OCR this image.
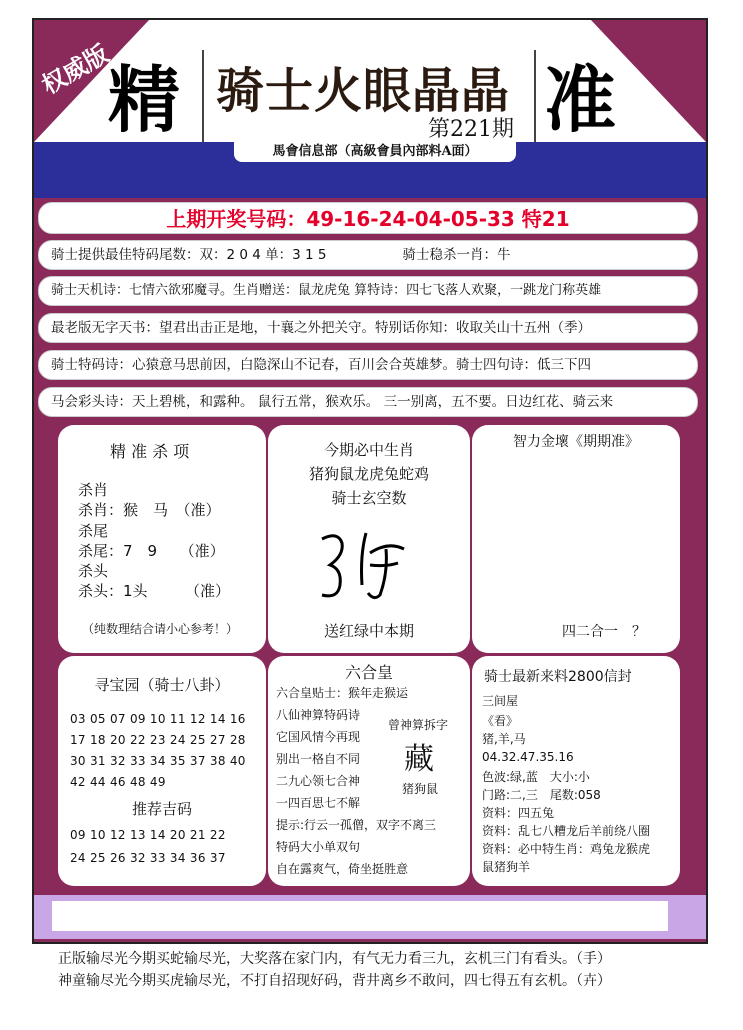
权威版
精 骑士火眼晶晶 准
第221期
馬會信息部（高級會員內部料A面）
上期开奖号码：49-16-24-04-05-33 特21
骑士提供最佳特码尾数：双：2 0 4 单：3 1 5	骑士稳杀一肖：牛
骑士天机诗：七情六欲邪魔寻。生肖赠送：鼠龙虎兔 算特诗：四七飞落人欢聚，一跳龙门称英雄
最老版无字天书：望君出击正是地，十襄之外把关守。特别话你知：收取关山十五州（季）
骑士特码诗：心猿意马思前因，白隐深山不记春，百川会合英雄梦。骑士四句诗：低三下四
马会彩头诗：天上碧桃，和露种。 鼠行五常，猴欢乐。 三一别离，五不要。日边红花、骑云来
精 准 杀 项
杀肖
杀肖：猴　马　（准）
杀尾
杀尾：7　9　　（准）
杀头
杀头：1头　　　（准）
（纯数理结合请小心参考！）
今期必中生肖
猪狗鼠龙虎兔蛇鸡
骑士玄空数
送红绿中本期
智力金壞《期期准》
四二合一　？
寻宝园（骑士八卦）
03 05 07 09 10 11 12 14 16
17 18 20 22 23 24 25 27 28
30 31 32 33 34 35 37 38 40
42 44 46 48 49
推荐吉码
09 10 12 13 14 20 21 22
24 25 26 32 33 34 36 37
六合皇
六合皇贴士：猴年走猴运
八仙神算特码诗
它国风情今再现
别出一格自不同
二九心领七合神
一四百思七不解
提示:行云一孤僧，双字不离三
特码大小单双句
自在露爽气，倚坐挺胜意
曾神算拆字
藏
猪狗鼠
骑士最新来料2800信封
三间屋
《看》
猪,羊,马
04.32.47.35.16
色波:绿,蓝　大小:小
门路:二,三　尾数:058
资料：四五兔
资料：乱七八糟龙后羊前绕八圈
资料：必中特生肖：鸡兔龙猴虎
鼠猪狗羊
正版输尽光今期买蛇输尽光，大奖落在家门内，有气无力看三九，玄机三门有看头。（手）
神童输尽光今期买虎输尽光，不打自招现好码，背井离乡不敢问，四七得五有玄机。（卉）
